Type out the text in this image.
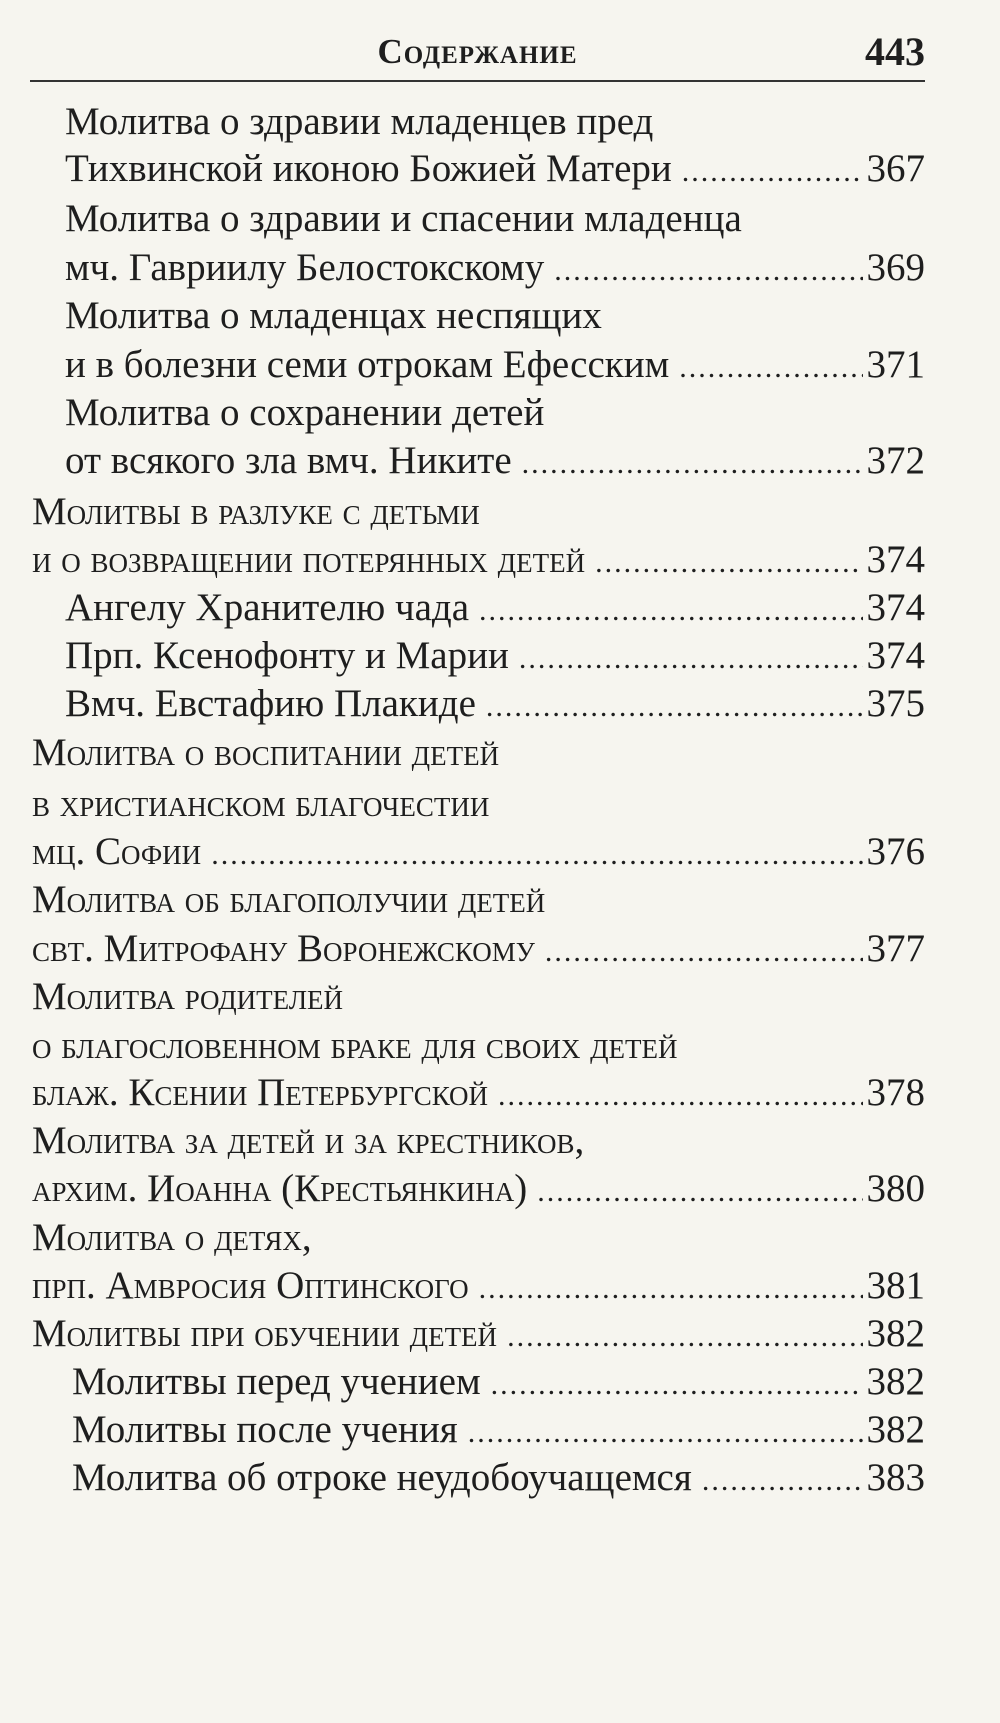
Содержание	443
Молитва о здравии младенцев пред
Тихвинской иконою Божией Матери .....	367
Молитва о здравии и спасении младенца
мч. Гавриилу Белостокскому .....	369
Молитва о младенцах неспящих
и в болезни семи отрокам Ефесским .....	371
Молитва о сохранении детей
от всякого зла вмч. Никите .....	372
Молитвы в разлуке с детьми
и о возвращении потерянных детей .....	374
Ангелу Хранителю чада .....	374
Прп. Ксенофонту и Марии .....	374
Вмч. Евстафию Плакиде .....	375
Молитва о воспитании детей
в христианском благочестии
мц. Софии .....	376
Молитва об благополучии детей
свт. Митрофану Воронежскому .....	377
Молитва родителей
о благословенном браке для своих детей
блаж. Ксении Петербургской .....	378
Молитва за детей и за крестников,
архим. Иоанна (Крестьянкина) .....	380
Молитва о детях,
прп. Амвросия Оптинского .....	381
Молитвы при обучении детей .....	382
Молитвы перед учением .....	382
Молитвы после учения .....	382
Молитва об отроке неудобоучащемся .....	383
